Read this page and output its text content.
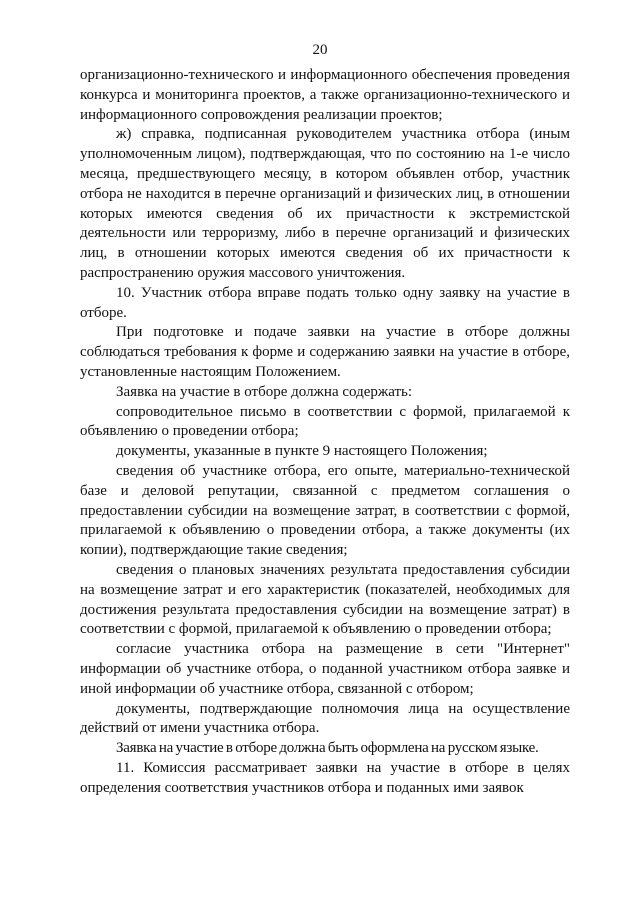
20

организационно-технического и информационного обеспечения проведения конкурса и мониторинга проектов, а также организационно-технического и информационного сопровождения реализации проектов;

ж) справка, подписанная руководителем участника отбора (иным уполномоченным лицом), подтверждающая, что по состоянию на 1-е число месяца, предшествующего месяцу, в котором объявлен отбор, участник отбора не находится в перечне организаций и физических лиц, в отношении которых имеются сведения об их причастности к экстремистской деятельности или терроризму, либо в перечне организаций и физических лиц, в отношении которых имеются сведения об их причастности к распространению оружия массового уничтожения.

10. Участник отбора вправе подать только одну заявку на участие в отборе.

При подготовке и подаче заявки на участие в отборе должны соблюдаться требования к форме и содержанию заявки на участие в отборе, установленные настоящим Положением.

Заявка на участие в отборе должна содержать:

сопроводительное письмо в соответствии с формой, прилагаемой к объявлению о проведении отбора;

документы, указанные в пункте 9 настоящего Положения;

сведения об участнике отбора, его опыте, материально-технической базе и деловой репутации, связанной с предметом соглашения о предоставлении субсидии на возмещение затрат, в соответствии с формой, прилагаемой к объявлению о проведении отбора, а также документы (их копии), подтверждающие такие сведения;

сведения о плановых значениях результата предоставления субсидии на возмещение затрат и его характеристик (показателей, необходимых для достижения результата предоставления субсидии на возмещение затрат) в соответствии с формой, прилагаемой к объявлению о проведении отбора;

согласие участника отбора на размещение в сети "Интернет" информации об участнике отбора, о поданной участником отбора заявке и иной информации об участнике отбора, связанной с отбором;

документы, подтверждающие полномочия лица на осуществление действий от имени участника отбора.

Заявка на участие в отборе должна быть оформлена на русском языке.

11. Комиссия рассматривает заявки на участие в отборе в целях определения соответствия участников отбора и поданных ими заявок
